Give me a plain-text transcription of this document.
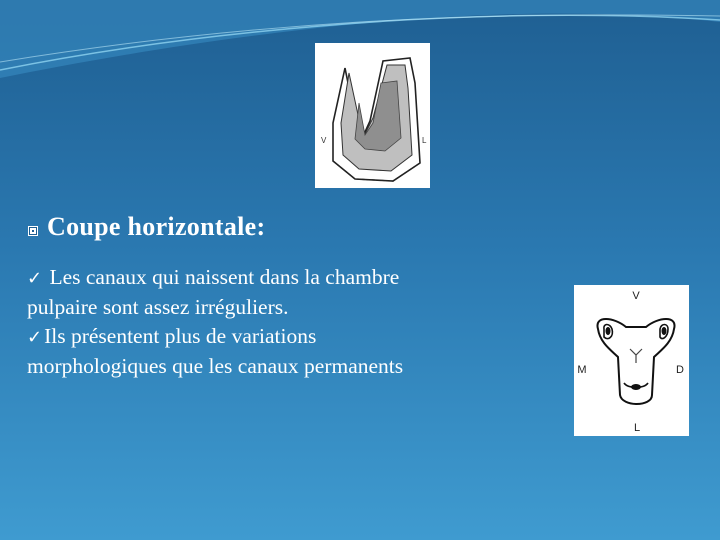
V	L
Coupe horizontale:

✓ Les canaux qui naissent dans la chambre
pulpaire sont assez irréguliers.

✓Ils présentent plus de variations
morphologiques que les canaux permanents

V
M	D
L
